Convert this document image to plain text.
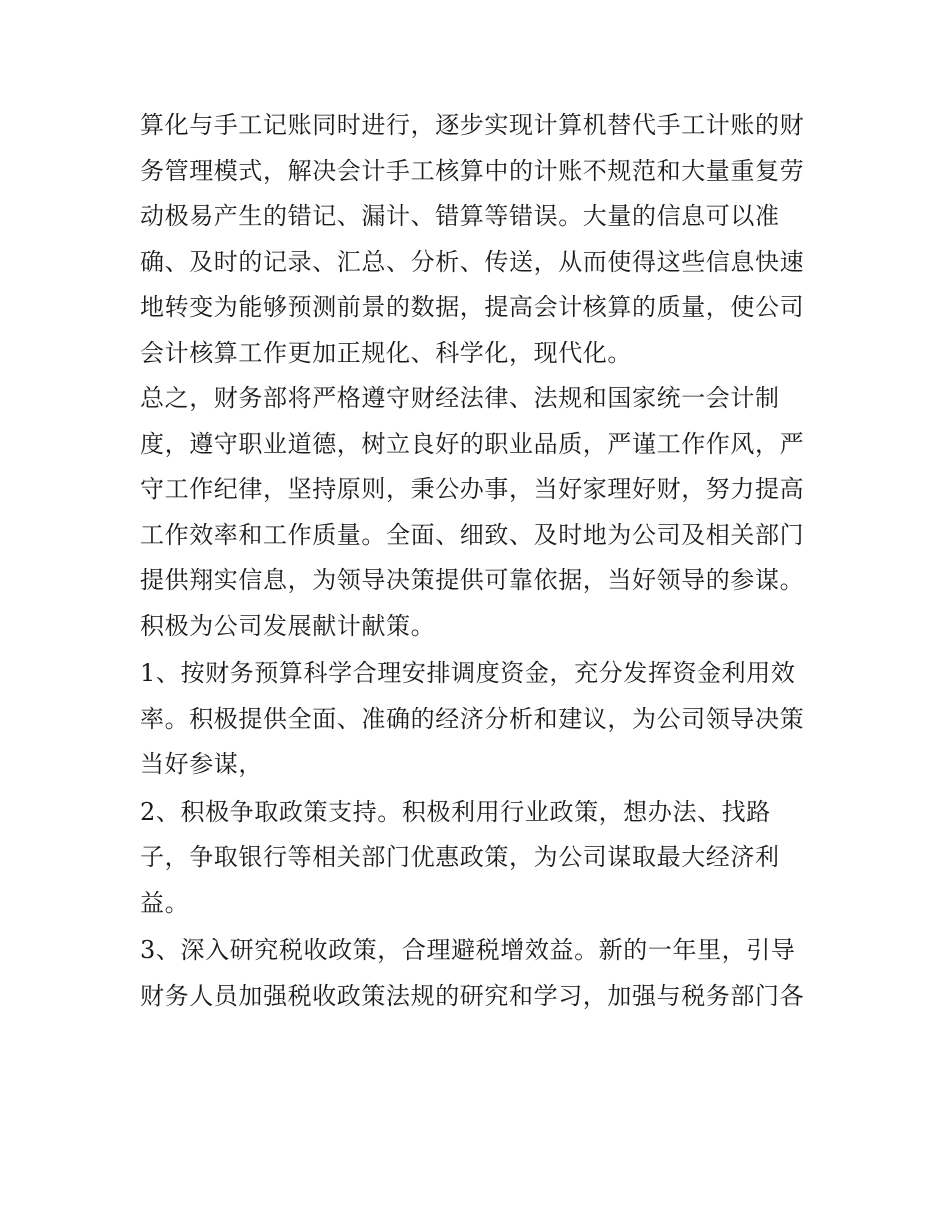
算化与手工记账同时进行，逐步实现计算机替代手工计账的财
务管理模式，解决会计手工核算中的计账不规范和大量重复劳
动极易产生的错记、漏计、错算等错误。大量的信息可以准
确、及时的记录、汇总、分析、传送，从而使得这些信息快速
地转变为能够预测前景的数据，提高会计核算的质量，使公司
会计核算工作更加正规化、科学化，现代化。
总之，财务部将严格遵守财经法律、法规和国家统一会计制
度，遵守职业道德，树立良好的职业品质，严谨工作作风，严
守工作纪律，坚持原则，秉公办事，当好家理好财，努力提高
工作效率和工作质量。全面、细致、及时地为公司及相关部门
提供翔实信息，为领导决策提供可靠依据，当好领导的参谋。
积极为公司发展献计献策。
1、按财务预算科学合理安排调度资金，充分发挥资金利用效
率。积极提供全面、准确的经济分析和建议，为公司领导决策
当好参谋，
2、积极争取政策支持。积极利用行业政策，想办法、找路
子，争取银行等相关部门优惠政策，为公司谋取最大经济利
益。
3、深入研究税收政策，合理避税增效益。新的一年里，引导
财务人员加强税收政策法规的研究和学习，加强与税务部门各
